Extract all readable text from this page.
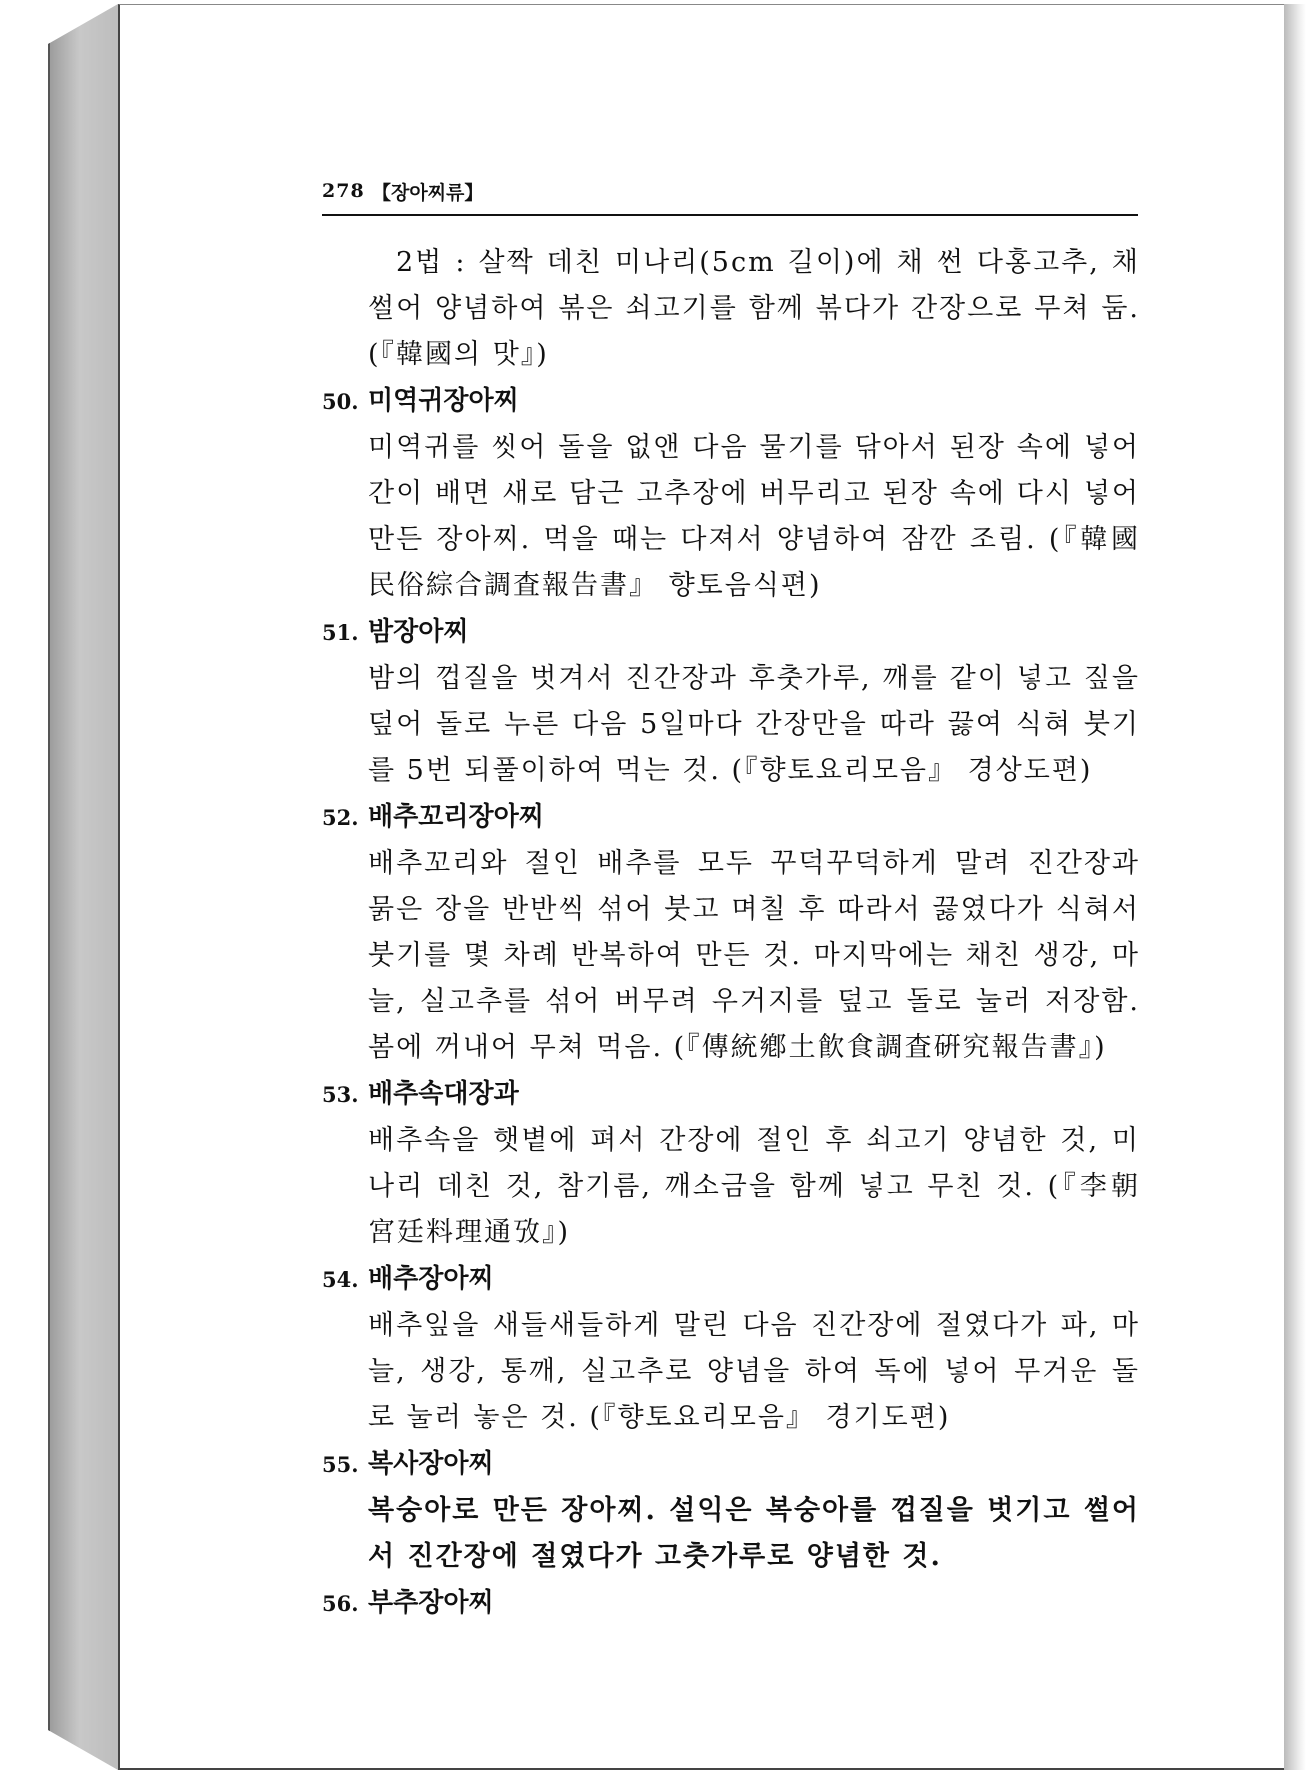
278 【장아찌류】
2법 : 살짝 데친 미나리(5cm 길이)에 채 썬 다홍고추, 채 썰어 양념하여 볶은 쇠고기를 함께 볶다가 간장으로 무쳐 둠. (『韓國의 맛』)
50. 미역귀장아찌
미역귀를 씻어 돌을 없앤 다음 물기를 닦아서 된장 속에 넣어 간이 배면 새로 담근 고추장에 버무리고 된장 속에 다시 넣어 만든 장아찌. 먹을 때는 다져서 양념하여 잠깐 조림. (『韓國民俗綜合調査報告書』 향토음식편)
51. 밤장아찌
밤의 껍질을 벗겨서 진간장과 후춧가루, 깨를 같이 넣고 짚을 덮어 돌로 누른 다음 5일마다 간장만을 따라 끓여 식혀 붓기를 5번 되풀이하여 먹는 것. (『향토요리모음』 경상도편)
52. 배추꼬리장아찌
배추꼬리와 절인 배추를 모두 꾸덕꾸덕하게 말려 진간장과 묽은 장을 반반씩 섞어 붓고 며칠 후 따라서 끓였다가 식혀서 붓기를 몇 차례 반복하여 만든 것. 마지막에는 채친 생강, 마늘, 실고추를 섞어 버무려 우거지를 덮고 돌로 눌러 저장함. 봄에 꺼내어 무쳐 먹음. (『傳統鄕土飮食調査硏究報告書』)
53. 배추속대장과
배추속을 햇볕에 펴서 간장에 절인 후 쇠고기 양념한 것, 미나리 데친 것, 참기름, 깨소금을 함께 넣고 무친 것. (『李朝宮廷料理通攷』)
54. 배추장아찌
배추잎을 새들새들하게 말린 다음 진간장에 절였다가 파, 마늘, 생강, 통깨, 실고추로 양념을 하여 독에 넣어 무거운 돌로 눌러 놓은 것. (『향토요리모음』 경기도편)
55. 복사장아찌
복숭아로 만든 장아찌. 설익은 복숭아를 껍질을 벗기고 썰어서 진간장에 절였다가 고춧가루로 양념한 것.
56. 부추장아찌
